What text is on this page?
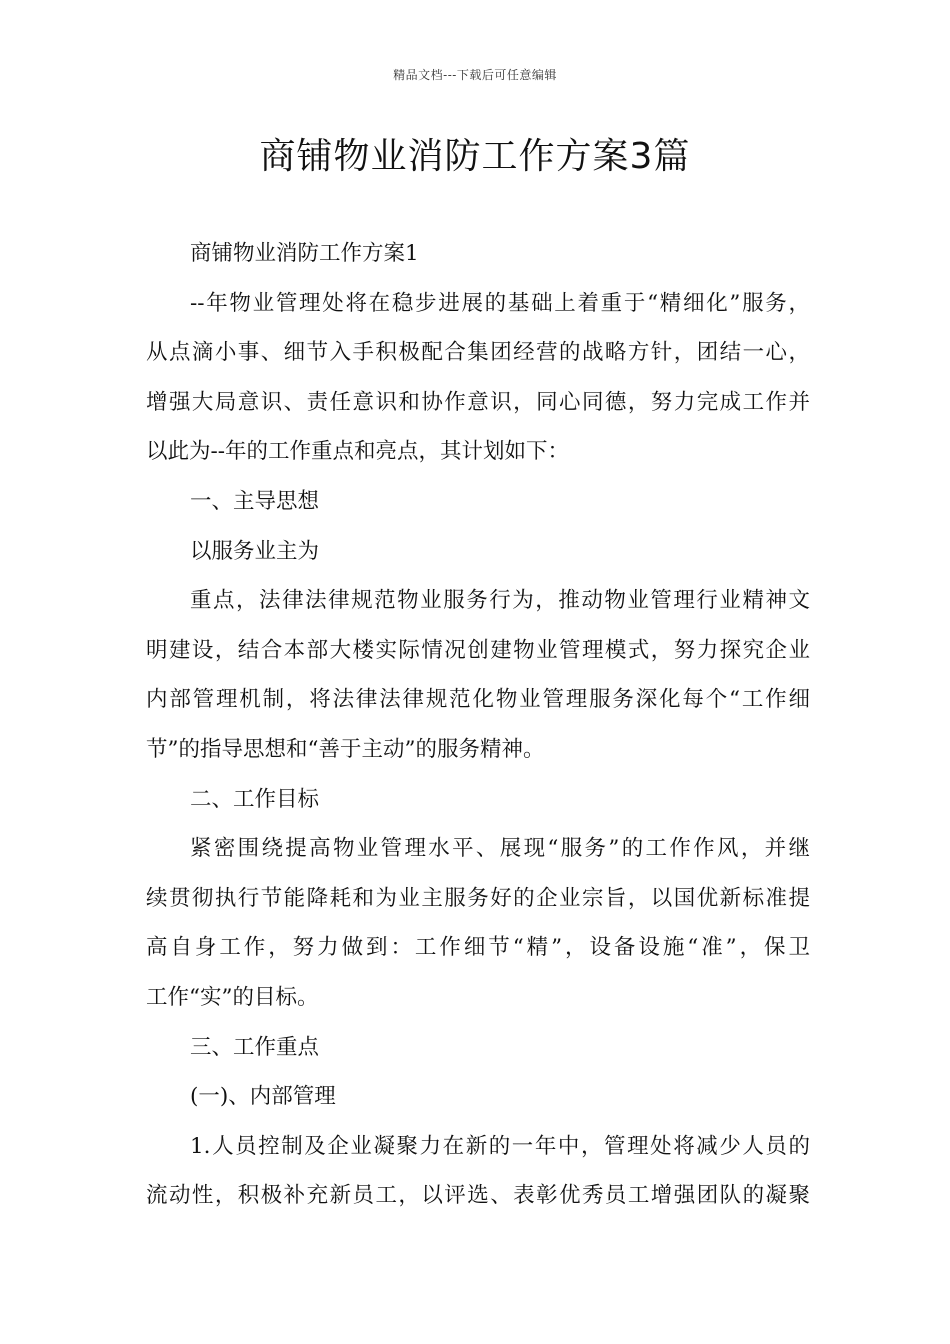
精品文档---下载后可任意编辑
商铺物业消防工作方案3篇
商铺物业消防工作方案1
--年物业管理处将在稳步进展的基础上着重于“精细化”服务，
从点滴小事、细节入手积极配合集团经营的战略方针，团结一心，
增强大局意识、责任意识和协作意识，同心同德，努力完成工作并
以此为--年的工作重点和亮点，其计划如下：
一、主导思想
以服务业主为
重点，法律法律规范物业服务行为，推动物业管理行业精神文
明建设，结合本部大楼实际情况创建物业管理模式，努力探究企业
内部管理机制，将法律法律规范化物业管理服务深化每个“工作细
节”的指导思想和“善于主动”的服务精神。
二、工作目标
紧密围绕提高物业管理水平、展现“服务”的工作作风，并继
续贯彻执行节能降耗和为业主服务好的企业宗旨，以国优新标准提
高自身工作，努力做到：工作细节“精”，设备设施“准”，保卫
工作“实”的目标。
三、工作重点
(一)、内部管理
1.人员控制及企业凝聚力在新的一年中，管理处将减少人员的
流动性，积极补充新员工，以评选、表彰优秀员工增强团队的凝聚
